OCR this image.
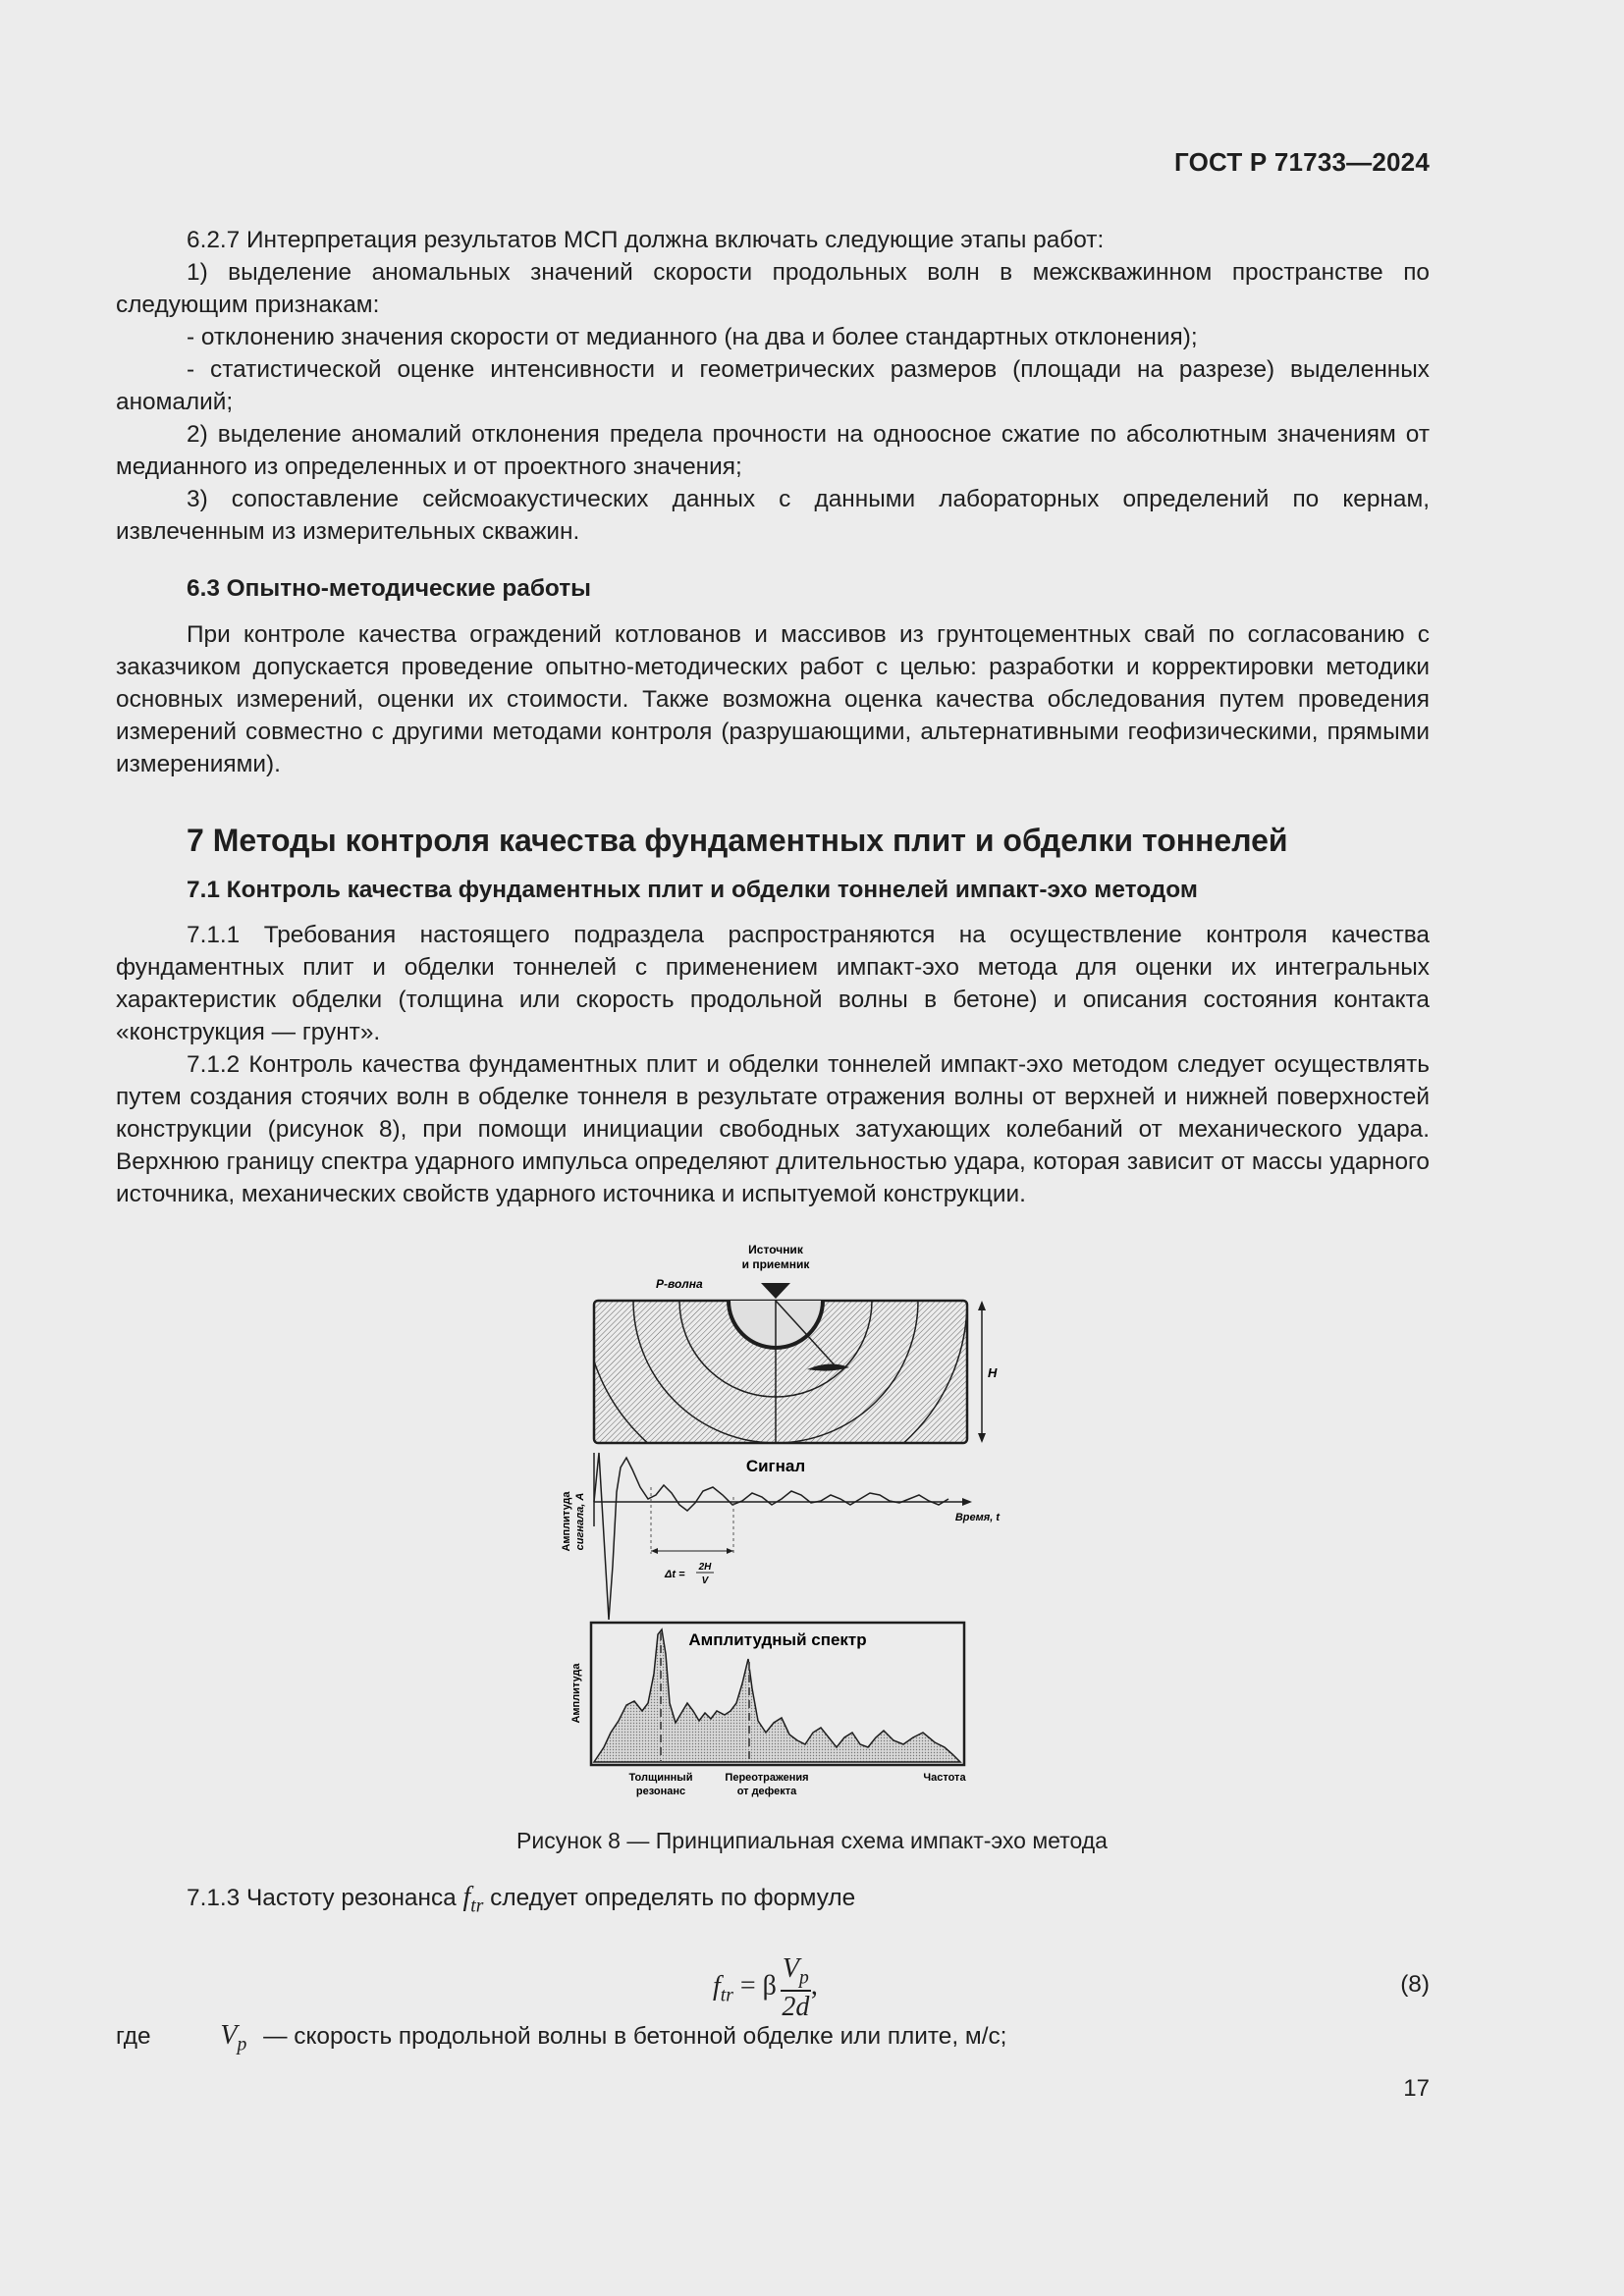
ГОСТ Р 71733—2024

6.2.7 Интерпретация результатов МСП должна включать следующие этапы работ:

1) выделение аномальных значений скорости продольных волн в межскважинном пространстве по следующим признакам:

- отклонению значения скорости от медианного (на два и более стандартных отклонения);

- статистической оценке интенсивности и геометрических размеров (площади на разрезе) выделенных аномалий;

2) выделение аномалий отклонения предела прочности на одноосное сжатие по абсолютным значениям от медианного из определенных и от проектного значения;

3) сопоставление сейсмоакустических данных с данными лабораторных определений по кернам, извлеченным из измерительных скважин.

6.3 Опытно-методические работы

При контроле качества ограждений котлованов и массивов из грунтоцементных свай по согласованию с заказчиком допускается проведение опытно-методических работ с целью: разработки и корректировки методики основных измерений, оценки их стоимости. Также возможна оценка качества обследования путем проведения измерений совместно с другими методами контроля (разрушающими, альтернативными геофизическими, прямыми измерениями).

7 Методы контроля качества фундаментных плит и обделки тоннелей

7.1 Контроль качества фундаментных плит и обделки тоннелей импакт-эхо методом

7.1.1 Требования настоящего подраздела распространяются на осуществление контроля качества фундаментных плит и обделки тоннелей с применением импакт-эхо метода для оценки их интегральных характеристик обделки (толщина или скорость продольной волны в бетоне) и описания состояния контакта «конструкция — грунт».

7.1.2 Контроль качества фундаментных плит и обделки тоннелей импакт-эхо методом следует осуществлять путем создания стоячих волн в обделке тоннеля в результате отражения волны от верхней и нижней поверхностей конструкции (рисунок 8), при помощи инициации свободных затухающих колебаний от механического удара. Верхнюю границу спектра ударного импульса определяют длительностью удара, которая зависит от массы ударного источника, механических свойств ударного источника и испытуемой конструкции.

Источник
и приемник
P-волна
H
Амплитуда сигнала, A
Сигнал
Время, t
Δt =
2H
V
Амплитуда
Амплитудный спектр
Толщинный
резонанс
Переотражения
от дефекта
Частота
Рисунок 8 — Принципиальная схема импакт-эхо метода

7.1.3 Частоту резонанса $f_{tr}$ следует определять по формуле

$f_{tr} = \beta \frac{V_p}{2d}$ ,	(8)
где	$V_p$ — скорость продольной волны в бетонной обделке или плите, м/с;
17
